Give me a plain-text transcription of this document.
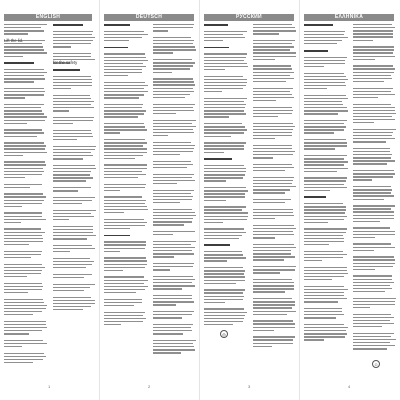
ENGLISH
Lift the lid.
for the safety
1
DEUTSCH
2
РУССКИЙ
◎
3
ΕΛΛΗΝΙΚΑ
♲
4
